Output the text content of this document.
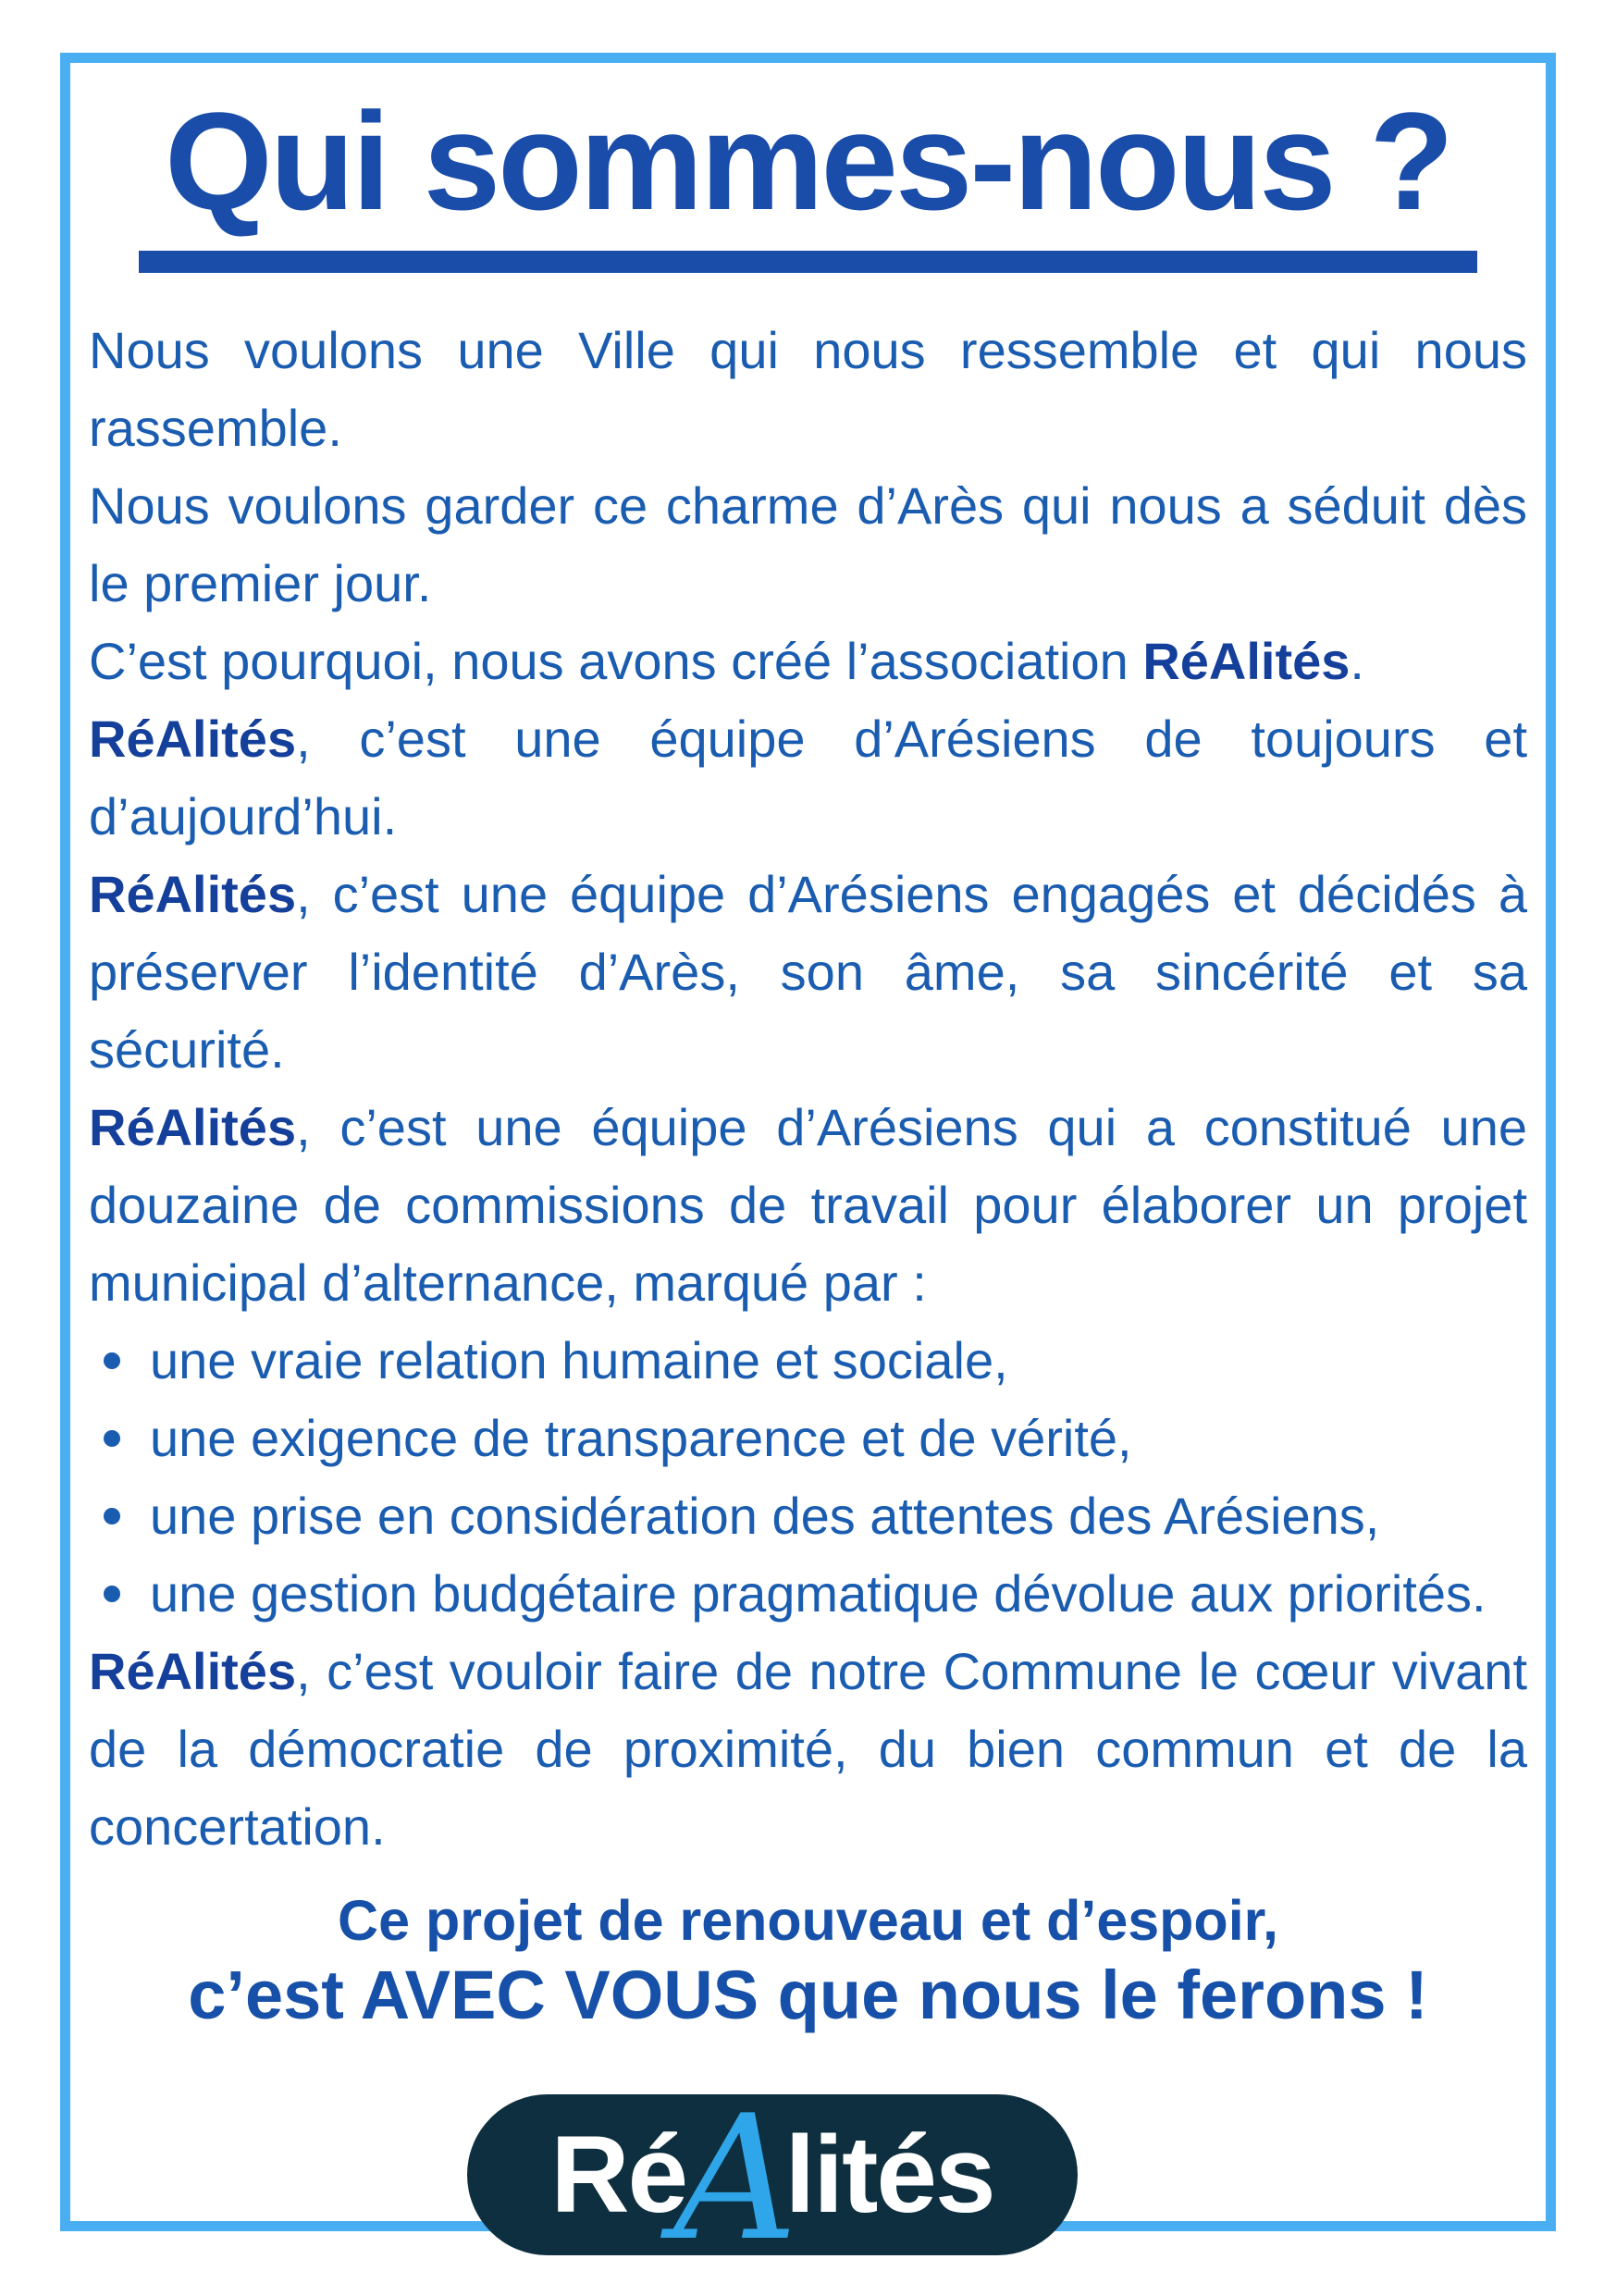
Qui sommes-nous ?

Nous voulons une Ville qui nous ressemble et qui nous rassemble.

Nous voulons garder ce charme d’Arès qui nous a séduit dès le premier jour.

C’est pourquoi, nous avons créé l’association RéAlités.

RéAlités, c’est une équipe d’Arésiens de toujours et d’aujourd’hui.

RéAlités, c’est une équipe d’Arésiens engagés et décidés à préserver l’identité d’Arès, son âme, sa sincérité et sa sécurité.

RéAlités, c’est une équipe d’Arésiens qui a constitué une douzaine de commissions de travail pour élaborer un projet municipal d’alternance, marqué par :

une vraie relation humaine et sociale,
une exigence de transparence et de vérité,
une prise en considération des attentes des Arésiens,
une gestion budgétaire pragmatique dévolue aux priorités.

RéAlités, c’est vouloir faire de notre Commune le cœur vivant de la démocratie de proximité, du bien commun et de la concertation.

Ce projet de renouveau et d’espoir,
c’est AVEC VOUS que nous le ferons !
Ré
A
lités
